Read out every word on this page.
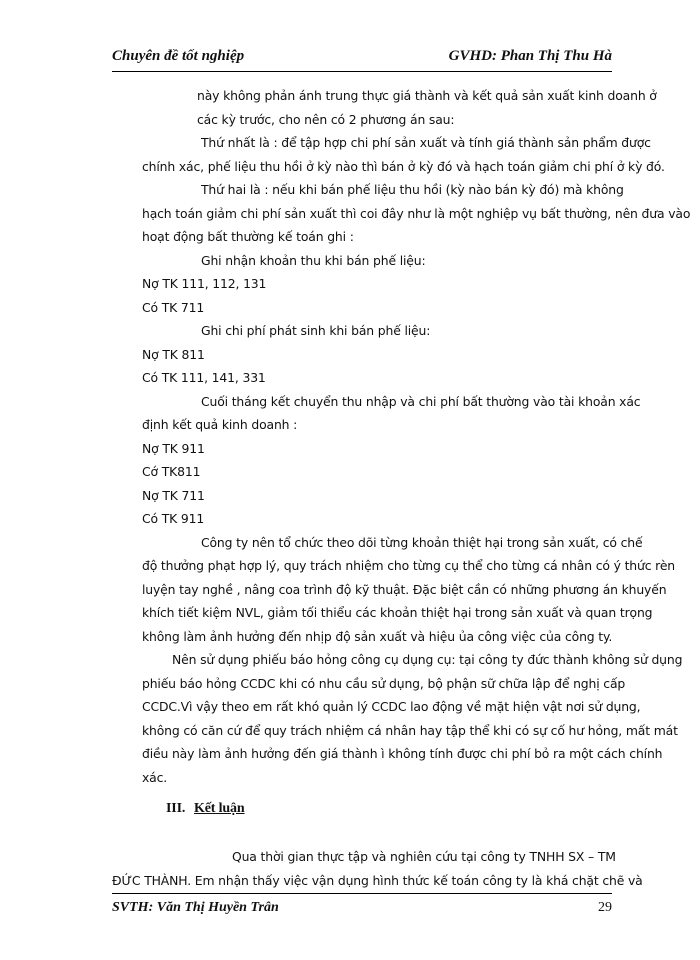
Chuyên đề tốt nghiệp	GVHD: Phan Thị Thu Hà
này không phản ánh trung thực giá thành và kết quả sản xuất kinh doanh ở
các kỳ trước, cho nên có 2 phương án sau:
Thứ nhất là : để tập hợp chi phí sản xuất và tính giá thành sản phẩm được
chính xác, phế liệu thu hồi ở kỳ nào thì bán ở kỳ đó và hạch toán giảm chi phí ở kỳ đó.
Thứ hai là : nếu khi bán phế liệu thu hồi (kỳ nào bán kỳ đó) mà không
hạch toán giảm chi phí sản xuất thì coi đây như là một nghiệp vụ bất thường, nên đưa vào
hoạt động bất thường kế toán ghi :
Ghi nhận khoản thu khi bán phế liệu:
Nợ TK 111, 112, 131
Có TK 711
Ghi chi phí phát sinh khi bán phế liệu:
Nợ TK 811
Có TK 111, 141, 331
Cuối tháng kết chuyển thu nhập và chi phí bất thường vào tài khoản xác
định kết quả kinh doanh :
Nợ TK 911
Cớ TK811
Nợ TK 711
Có TK 911
Công ty nên tổ chức theo dõi từng khoản thiệt hại trong sản xuất, có chế
độ thưởng phạt hợp lý, quy trách nhiệm cho từng cụ thể cho từng cá nhân có ý thức rèn
luyện tay nghề , nâng coa trình độ kỹ thuật. Đặc biệt cần có những phương án khuyến
khích tiết kiệm NVL, giảm tối thiểu các khoản thiệt hại trong sản xuất và quan trọng
không làm ảnh hưởng đến nhịp độ sản xuất và hiệu ủa công việc của công ty.
Nên sử dụng phiếu báo hỏng công cụ dụng cụ: tại công ty đức thành không sử dụng
phiếu báo hỏng CCDC khi có nhu cầu sử dụng, bộ phận sữ chữa lập để nghị cấp
CCDC.Vì vậy theo em rất khó quản lý CCDC lao động về mặt hiện vật nơi sử dụng,
không có căn cứ để quy trách nhiệm cá nhân hay tập thể khi có sự cố hư hỏng, mất mát
điều này làm ảnh hưởng đến giá thành ì không tính được chi phí bỏ ra một cách chính
xác.
III. Kết luận
Qua thời gian thực tập và nghiên cứu tại công ty TNHH SX – TM
ĐỨC THÀNH. Em nhận thấy việc vận dụng hình thức kế toán công ty là khá chặt chẽ và
SVTH: Văn Thị Huyền Trân	29
